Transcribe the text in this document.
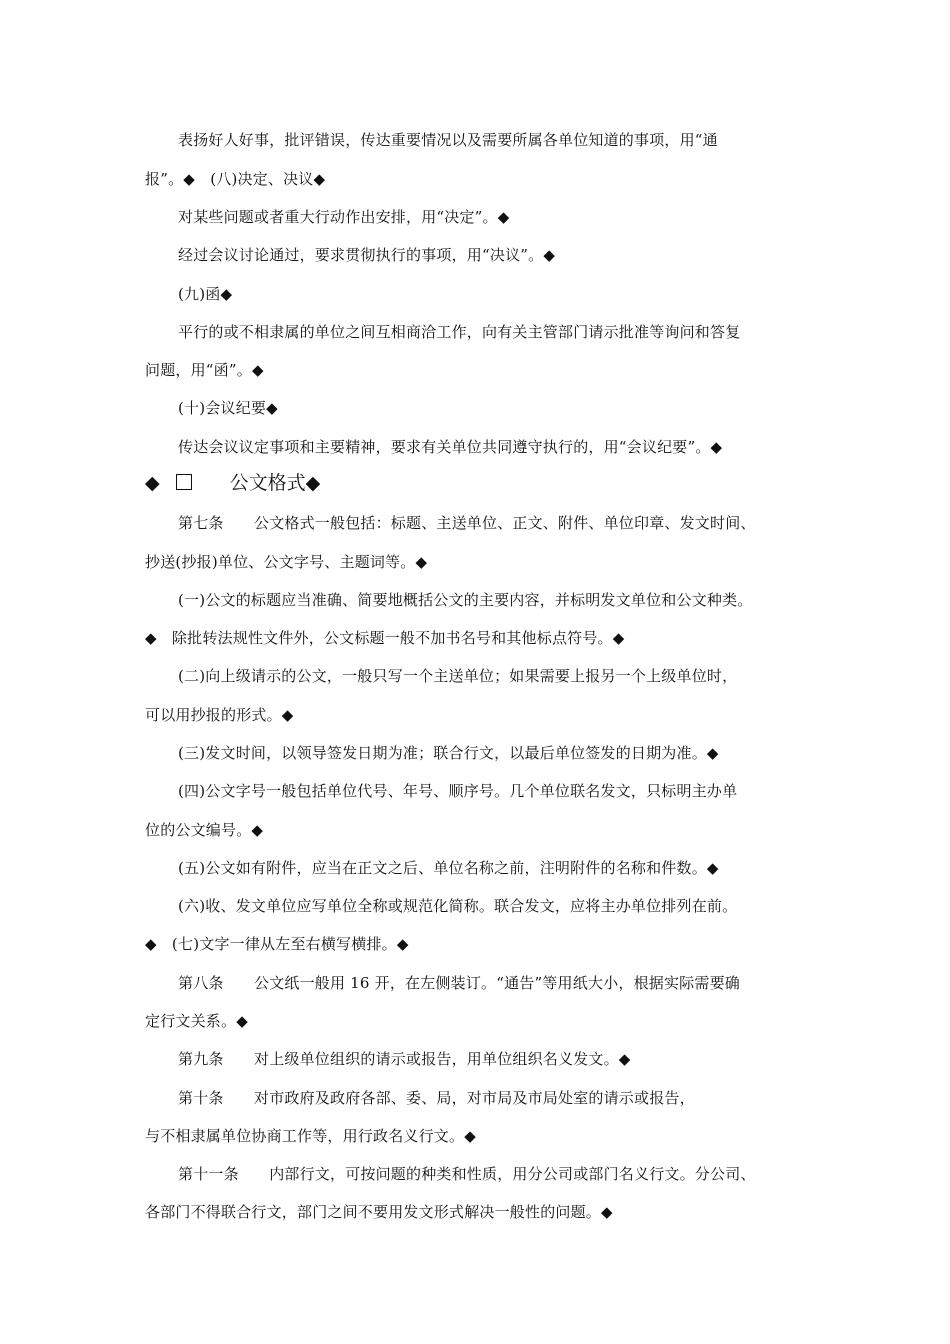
◆	公文格式◆
表扬好人好事，批评错误，传达重要情况以及需要所属各单位知道的事项，用“通
报”。◆　(八)决定、决议◆
对某些问题或者重大行动作出安排，用“决定”。◆
经过会议讨论通过，要求贯彻执行的事项，用“决议”。◆
(九)函◆
平行的或不相隶属的单位之间互相商洽工作，向有关主管部门请示批准等询问和答复
问题，用“函”。◆
(十)会议纪要◆
传达会议议定事项和主要精神，要求有关单位共同遵守执行的，用“会议纪要”。◆
第七条　　公文格式一般包括：标题、主送单位、正文、附件、单位印章、发文时间、
抄送(抄报)单位、公文字号、主题词等。◆
(一)公文的标题应当准确、简要地概括公文的主要内容，并标明发文单位和公文种类。
◆　除批转法规性文件外，公文标题一般不加书名号和其他标点符号。◆
(二)向上级请示的公文，一般只写一个主送单位；如果需要上报另一个上级单位时，
可以用抄报的形式。◆
(三)发文时间，以领导签发日期为准；联合行文，以最后单位签发的日期为准。◆
(四)公文字号一般包括单位代号、年号、顺序号。几个单位联名发文，只标明主办单
位的公文编号。◆
(五)公文如有附件，应当在正文之后、单位名称之前，注明附件的名称和件数。◆
(六)收、发文单位应写单位全称或规范化简称。联合发文，应将主办单位排列在前。
◆　(七)文字一律从左至右横写横排。◆
第八条　　公文纸一般用 16 开，在左侧装订。“通告”等用纸大小，根据实际需要确
定行文关系。◆
第九条　　对上级单位组织的请示或报告，用单位组织名义发文。◆
第十条　　对市政府及政府各部、委、局，对市局及市局处室的请示或报告，
与不相隶属单位协商工作等，用行政名义行文。◆
第十一条　　内部行文，可按问题的种类和性质，用分公司或部门名义行文。分公司、
各部门不得联合行文，部门之间不要用发文形式解决一般性的问题。◆
